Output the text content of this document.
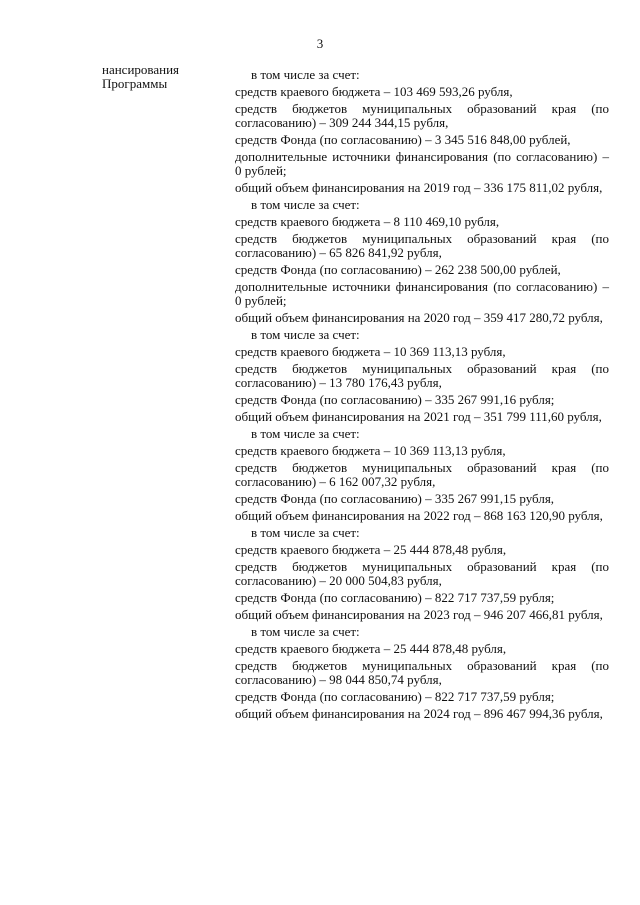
3
нансирования
Программы
в том числе за счет:
средств краевого бюджета – 103 469 593,26 рубля,
средств бюджетов муниципальных образований края (по согласованию) – 309 244 344,15 рубля,
средств Фонда (по согласованию) – 3 345 516 848,00 рублей,
дополнительные источники финансирования (по согласованию) – 0 рублей;
общий объем финансирования на 2019 год – 336 175 811,02 рубля,
в том числе за счет:
средств краевого бюджета – 8 110 469,10 рубля,
средств бюджетов муниципальных образований края (по согласованию) – 65 826 841,92 рубля,
средств Фонда (по согласованию) – 262 238 500,00 рублей,
дополнительные источники финансирования (по согласованию) – 0 рублей;
общий объем финансирования на 2020 год – 359 417 280,72 рубля,
в том числе за счет:
средств краевого бюджета – 10 369 113,13 рубля,
средств бюджетов муниципальных образований края (по согласованию) – 13 780 176,43 рубля,
средств Фонда (по согласованию) – 335 267 991,16 рубля;
общий объем финансирования на 2021 год – 351 799 111,60 рубля,
в том числе за счет:
средств краевого бюджета – 10 369 113,13 рубля,
средств бюджетов муниципальных образований края (по согласованию) – 6 162 007,32 рубля,
средств Фонда (по согласованию) – 335 267 991,15 рубля,
общий объем финансирования на 2022 год – 868 163 120,90 рубля,
в том числе за счет:
средств краевого бюджета – 25 444 878,48 рубля,
средств бюджетов муниципальных образований края (по согласованию) – 20 000 504,83 рубля,
средств Фонда (по согласованию) – 822 717 737,59 рубля;
общий объем финансирования на 2023 год – 946 207 466,81 рубля,
в том числе за счет:
средств краевого бюджета – 25 444 878,48 рубля,
средств бюджетов муниципальных образований края (по согласованию) – 98 044 850,74 рубля,
средств Фонда (по согласованию) – 822 717 737,59 рубля;
общий объем финансирования на 2024 год – 896 467 994,36 рубля,
